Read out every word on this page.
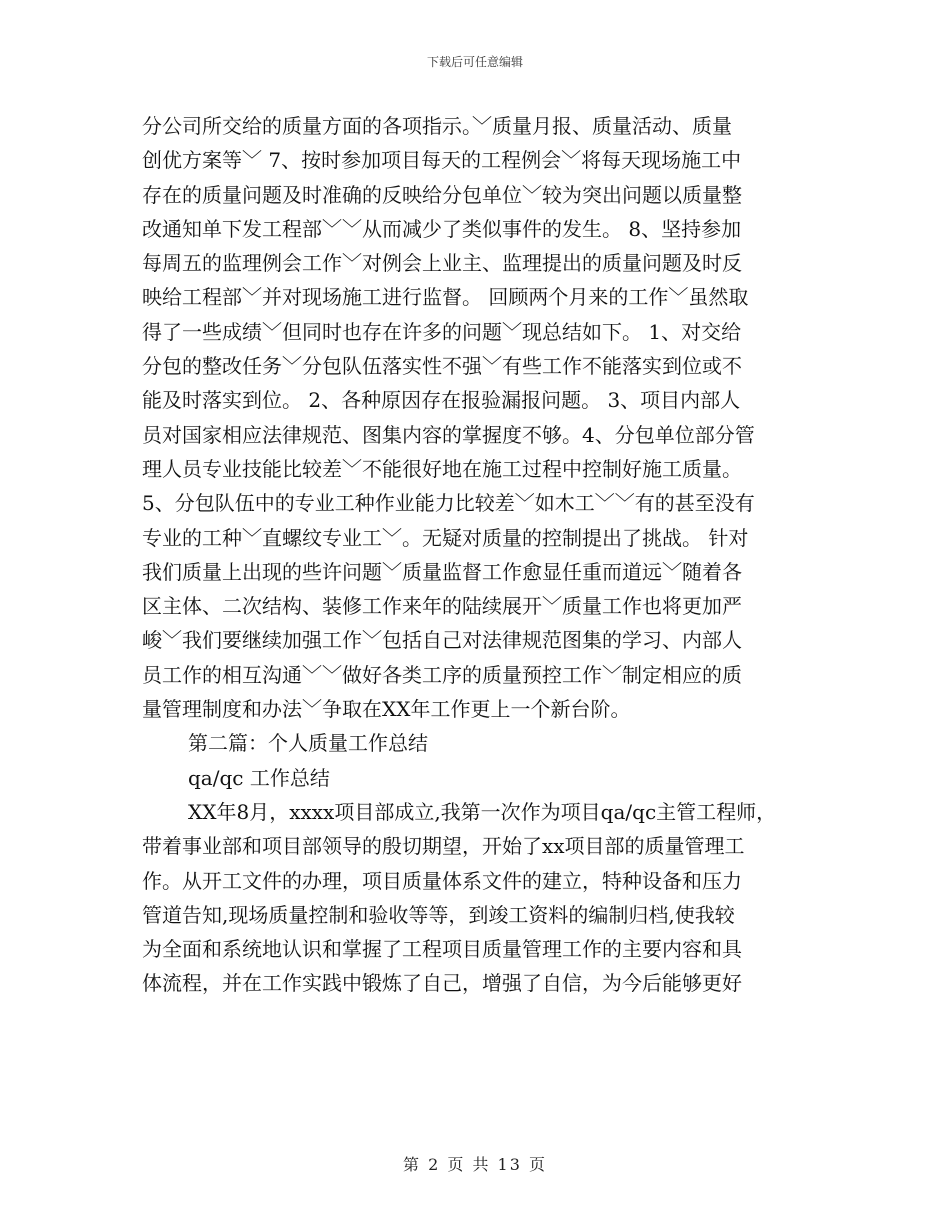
下载后可任意编辑
分公司所交给的质量方面的各项指示。﹀质量月报、质量活动、质量
创优方案等﹀ 7、按时参加项目每天的工程例会﹀将每天现场施工中
存在的质量问题及时准确的反映给分包单位﹀较为突出问题以质量整
改通知单下发工程部﹀﹀从而减少了类似事件的发生。 8、坚持参加
每周五的监理例会工作﹀对例会上业主、监理提出的质量问题及时反
映给工程部﹀并对现场施工进行监督。 回顾两个月来的工作﹀虽然取
得了一些成绩﹀但同时也存在许多的问题﹀现总结如下。 1、对交给
分包的整改任务﹀分包队伍落实性不强﹀有些工作不能落实到位或不
能及时落实到位。 2、各种原因存在报验漏报问题。 3、项目内部人
员对国家相应法律规范、图集内容的掌握度不够。4、分包单位部分管
理人员专业技能比较差﹀不能很好地在施工过程中控制好施工质量。
5、分包队伍中的专业工种作业能力比较差﹀如木工﹀﹀有的甚至没有
专业的工种﹀直螺纹专业工﹀。无疑对质量的控制提出了挑战。 针对
我们质量上出现的些许问题﹀质量监督工作愈显任重而道远﹀随着各
区主体、二次结构、装修工作来年的陆续展开﹀质量工作也将更加严
峻﹀我们要继续加强工作﹀包括自己对法律规范图集的学习、内部人
员工作的相互沟通﹀﹀做好各类工序的质量预控工作﹀制定相应的质
量管理制度和办法﹀争取在XX年工作更上一个新台阶。
第二篇：个人质量工作总结
qa/qc 工作总结
XX年8月，xxxx项目部成立,我第一次作为项目qa/qc主管工程师，
带着事业部和项目部领导的殷切期望，开始了xx项目部的质量管理工
作。从开工文件的办理，项目质量体系文件的建立，特种设备和压力
管道告知,现场质量控制和验收等等，到竣工资料的编制归档,使我较
为全面和系统地认识和掌握了工程项目质量管理工作的主要内容和具
体流程，并在工作实践中锻炼了自己，增强了自信，为今后能够更好
第 2 页 共 13 页
